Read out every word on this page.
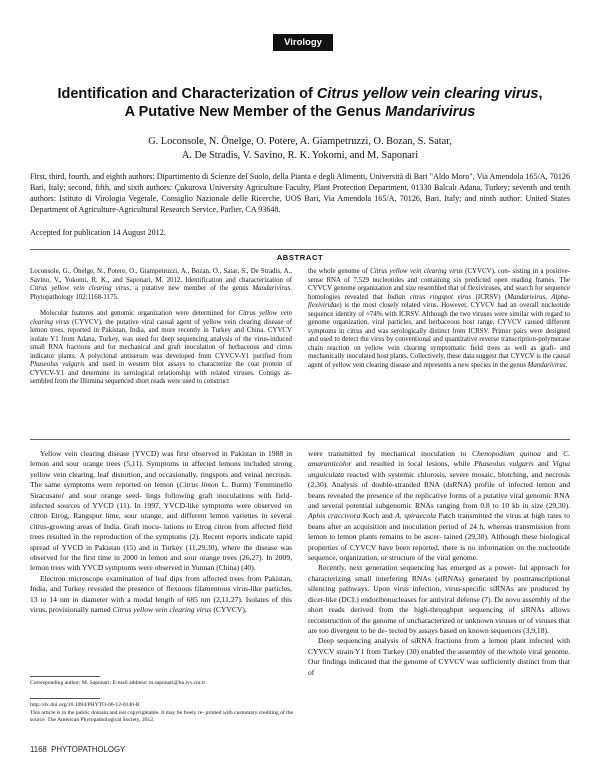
Virology
Identification and Characterization of Citrus yellow vein clearing virus,
A Putative New Member of the Genus Mandarivirus
G. Loconsole, N. Önelge, O. Potere, A. Giampetruzzi, O. Bozan, S. Satar,
A. De Stradis, V. Savino, R. K. Yokomi, and M. Saponari
First, third, fourth, and eighth authors: Dipartimento di Scienze del Suolo, della Pianta e degli Alimenti, Università di Bari "Aldo Moro", Via Amendola 165/A, 70126 Bari, Italy; second, fifth, and sixth authors: Çukurova University Agriculture Faculty, Plant Protection Department, 01330 Balcalı Adana, Turkey; seventh and tenth authors: Istituto di Virologia Vegetale, Consiglio Nazionale delle Ricerche, UOS Bari, Via Amendola 165/A, 70126, Bari, Italy; and ninth author: United States Department of Agriculture-Agricultural Research Service, Parlier, CA 93648.
Accepted for publication 14 August 2012.
ABSTRACT

Loconsole, G., Önelge, N., Potere, O., Giampetruzzi, A., Bozan, O., Satar, S., De Stradis, A., Savino, V., Yokomi, R. K., and Saponari, M. 2012. Identification and characterization of Citrus yellow vein clearing virus, a putative new member of the genus Mandarivirus. Phytopathology 102:1168-1175.

Molecular features and genomic organization were determined for Citrus yellow vein clearing virus (CYVCV), the putative viral causal agent of yellow vein clearing disease of lemon trees, reported in Pakistan, India, and more recently in Turkey and China. CYVCV isolate Y1 from Adana, Turkey, was used for deep sequencing analysis of the virus-induced small RNA fractions and for mechanical and graft inoculation of herbaceous and citrus indicator plants. A polyclonal antiserum was developed from CYVCV-Y1 purified from Phaseolus vulgaris and used in western blot assays to characterize the coat protein of CYVCV-Y1 and determine its serological relationship with related viruses. Contigs as- sembled from the Illumina sequenced short reads were used to construct

the whole genome of Citrus yellow vein clearing virus (CYVCV), con- sisting in a positive-sense RNA of 7,529 nucleotides and containing six predicted open reading frames. The CYVCV genome organization and size resembled that of flexiviruses, and search for sequence homologies revealed that Indian citrus ringspot virus (ICRSV) (Mandarivirus, Alpha- flexiviridae) is the most closely related virus. However, CYVCV had an overall nucleotide sequence identity of ≈74% with ICRSV. Although the two viruses were similar with regard to genome organization, viral particles, and herbaceous host range, CYVCV caused different symptoms in citrus and was serologically distinct from ICRSV. Primer pairs were designed and used to detect the virus by conventional and quantitative reverse transcription-polymerase chain reaction on yellow vein clearing symptomatic field trees as well as graft- and mechanically inoculated host plants. Collectively, these data suggest that CYVCV is the causal agent of yellow vein clearing disease and represents a new species in the genus Mandarivirus.

Yellow vein clearing disease (YVCD) was first observed in Pakistan in 1988 in lemon and sour orange trees (5,11). Symptoms in affected lemons included strong yellow vein clearing, leaf distortion, and occasionally, ringspots and veinal necrosis. The same symptoms were reported on lemon (Citrus limon L. Burm) 'Femminello Siracusano' and sour orange seed- lings following graft inoculations with field-infected sources of YVCD (11). In 1997, YVCD-like symptoms were observed on citron Etrog, Rangspur lime, sour orange, and different lemon varieties in several citrus-growing areas of India. Graft inocu- lations to Etrog citron from affected field trees resulted in the reproduction of the symptoms (2). Recent reports indicate rapid spread of YVCD in Pakistan (15) and in Turkey (11,29,30), where the disease was observed for the first time in 2000 in lemon and sour orange trees (26,27). In 2009, lemon trees with YVCD symptoms were observed in Yunnan (China) (40).

Electron microscope examination of leaf dips from affected trees from Pakistan, India, and Turkey revealed the presence of flexuous filamentous virus-like particles, 13 to 14 nm in diameter with a modal length of 685 nm (2,11,27). Isolates of this virus, provisionally named Citrus yellow vein clearing virus (CYVCV),

were transmitted by mechanical inoculation to Chenopodium quinoa and C. amaranticolor and resulted in local lesions, while Phaseolus vulgaris and Vigna unguiculata reacted with systemic chlorosis, severe mosaic, blotching, and necrosis (2,30). Analysis of double-stranded RNA (dsRNA) profile of infected lemon and beans revealed the presence of the replicative forms of a putative viral genomic RNA and several potential subgenomic RNAs ranging from 0.8 to 10 kb in size (29,30). Aphis craccivora Koch and A. spiraecola Patch transmitted the virus at high rates to beans after an acquisition and inoculation period of 24 h, whereas transmission from lemon to lemon plants remains to be ascer- tained (29,30). Although these biological properties of CYVCV have been reported, there is no information on the nucleotide sequence, organization, or structure of the viral genome.

Recently, next generation sequencing has emerged as a power- ful approach for characterizing small interfering RNAs (siRNAs) generated by posttranscriptional silencing pathways. Upon virus infection, virus-specific siRNAs are produced by dicer-like (DCL) endoribonucleases for antiviral defense (7). De novo assembly of the short reads derived from the high-throughput sequencing of siRNAs allows reconstruction of the genome of uncharacterized or unknown viruses or of viruses that are too divergent to be de- tected by assays based on known sequences (3,9,18).

Deep sequencing analysis of siRNA fractions from a lemon plant infected with CYVCV strain Y1 from Turkey (30) enabled the assembly of the whole viral genome. Our findings indicated that the genome of CYVCV was sufficiently distinct from that of

Corresponding author: M. Saponari; E-mail address: m.saponari@ba.ivv.cnr.it
http://dx.doi.org/10.1094/PHYTO-06-12-0140-R
This article is in the public domain and not copyrightable. It may be freely re- printed with customary crediting of the source. The American Phytopathological Society, 2012.
1168 PHYTOPATHOLOGY
